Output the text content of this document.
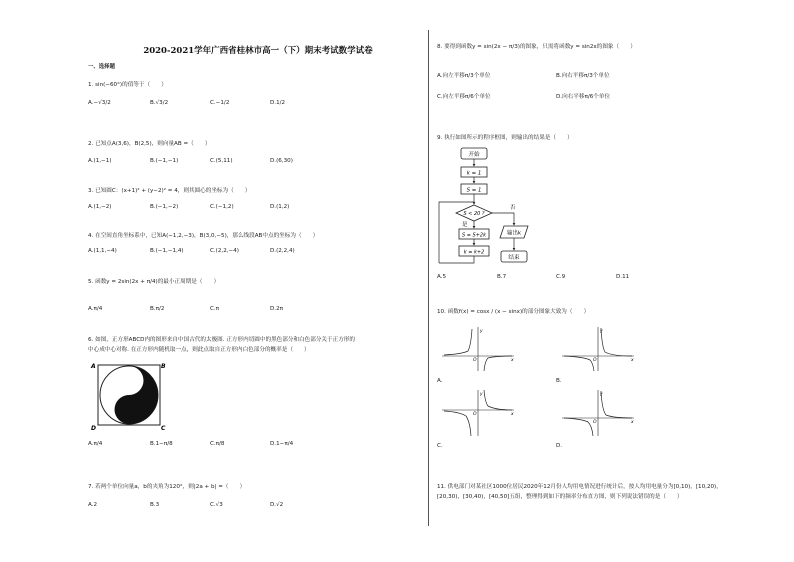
2020-2021学年广西省桂林市高一（下）期末考试数学试卷
一、选择题
1. sin(−60°)的值等于（　　）
A.−√3/2	B.√3/2	C.−1/2	D.1/2
2. 已知点A(3,6)，B(2,5)，则向量AB =（　　）
A.(1,−1)	B.(−1,−1)	C.(5,11)	D.(6,30)
3. 已知圆C：(x+1)² + (y−2)² = 4，则其圆心的坐标为（　　）
A.(1,−2)	B.(−1,−2)	C.(−1,2)	D.(1,2)
4. 在空间直角坐标系中，已知A(−1,2,−3)，B(3,0,−5)，那么线段AB中点的坐标为（　　）
A.(1,1,−4)	B.(−1,−1,4)	C.(2,2,−4)	D.(2,2,4)
5. 函数y = 2sin(2x + π/4)的最小正周期是（　　）
A.π/4	B.π/2	C.π	D.2π
6. 如图，正方形ABCD内的图形来自中国古代的太极图. 正方形内切圆中的黑色部分和白色部分关于正方形的
中心成中心对称. 在正方形内随机取一点，则此点取自正方形内白色部分的概率是（　　）
A	B
C
D
A.π/4	B.1−π/8	C.π/8	D.1−π/4
7. 若两个单位向量a，b的夹角为120°，则|2a + b| =（　　）
A.2	B.3	C.√3	D.√2
8. 要得到函数y = sin(2x − π/3)的图象，只需将函数y = sin2x的图象（　　）
A.向左平移π/3个单位	B.向右平移π/3个单位
C.向左平移π/6个单位	D.向右平移π/6个单位
9. 执行如图所示的程序框图，则输出的结果是（　　）
开始
k = 1
S = 1
S < 20 ?
否
是
S = S+2k
k = k+2
输出k
结束
A.5	B.7	C.9	D.11
10. 函数f(x) = cosx / (x − sinx)的部分图象大致为（　　）
y
x
O
y
x
O
A.	B.
y
x
O
y
x
O
C.	D.
11. 供电部门对某社区1000位居民2020年12月份人均用电情况进行统计后，按人均用电量分为[0,10)，[10,20)，
[20,30)，[30,40)，[40,50]五组，整理得到如下的频率分布直方图，则下列说法错误的是（　　）
